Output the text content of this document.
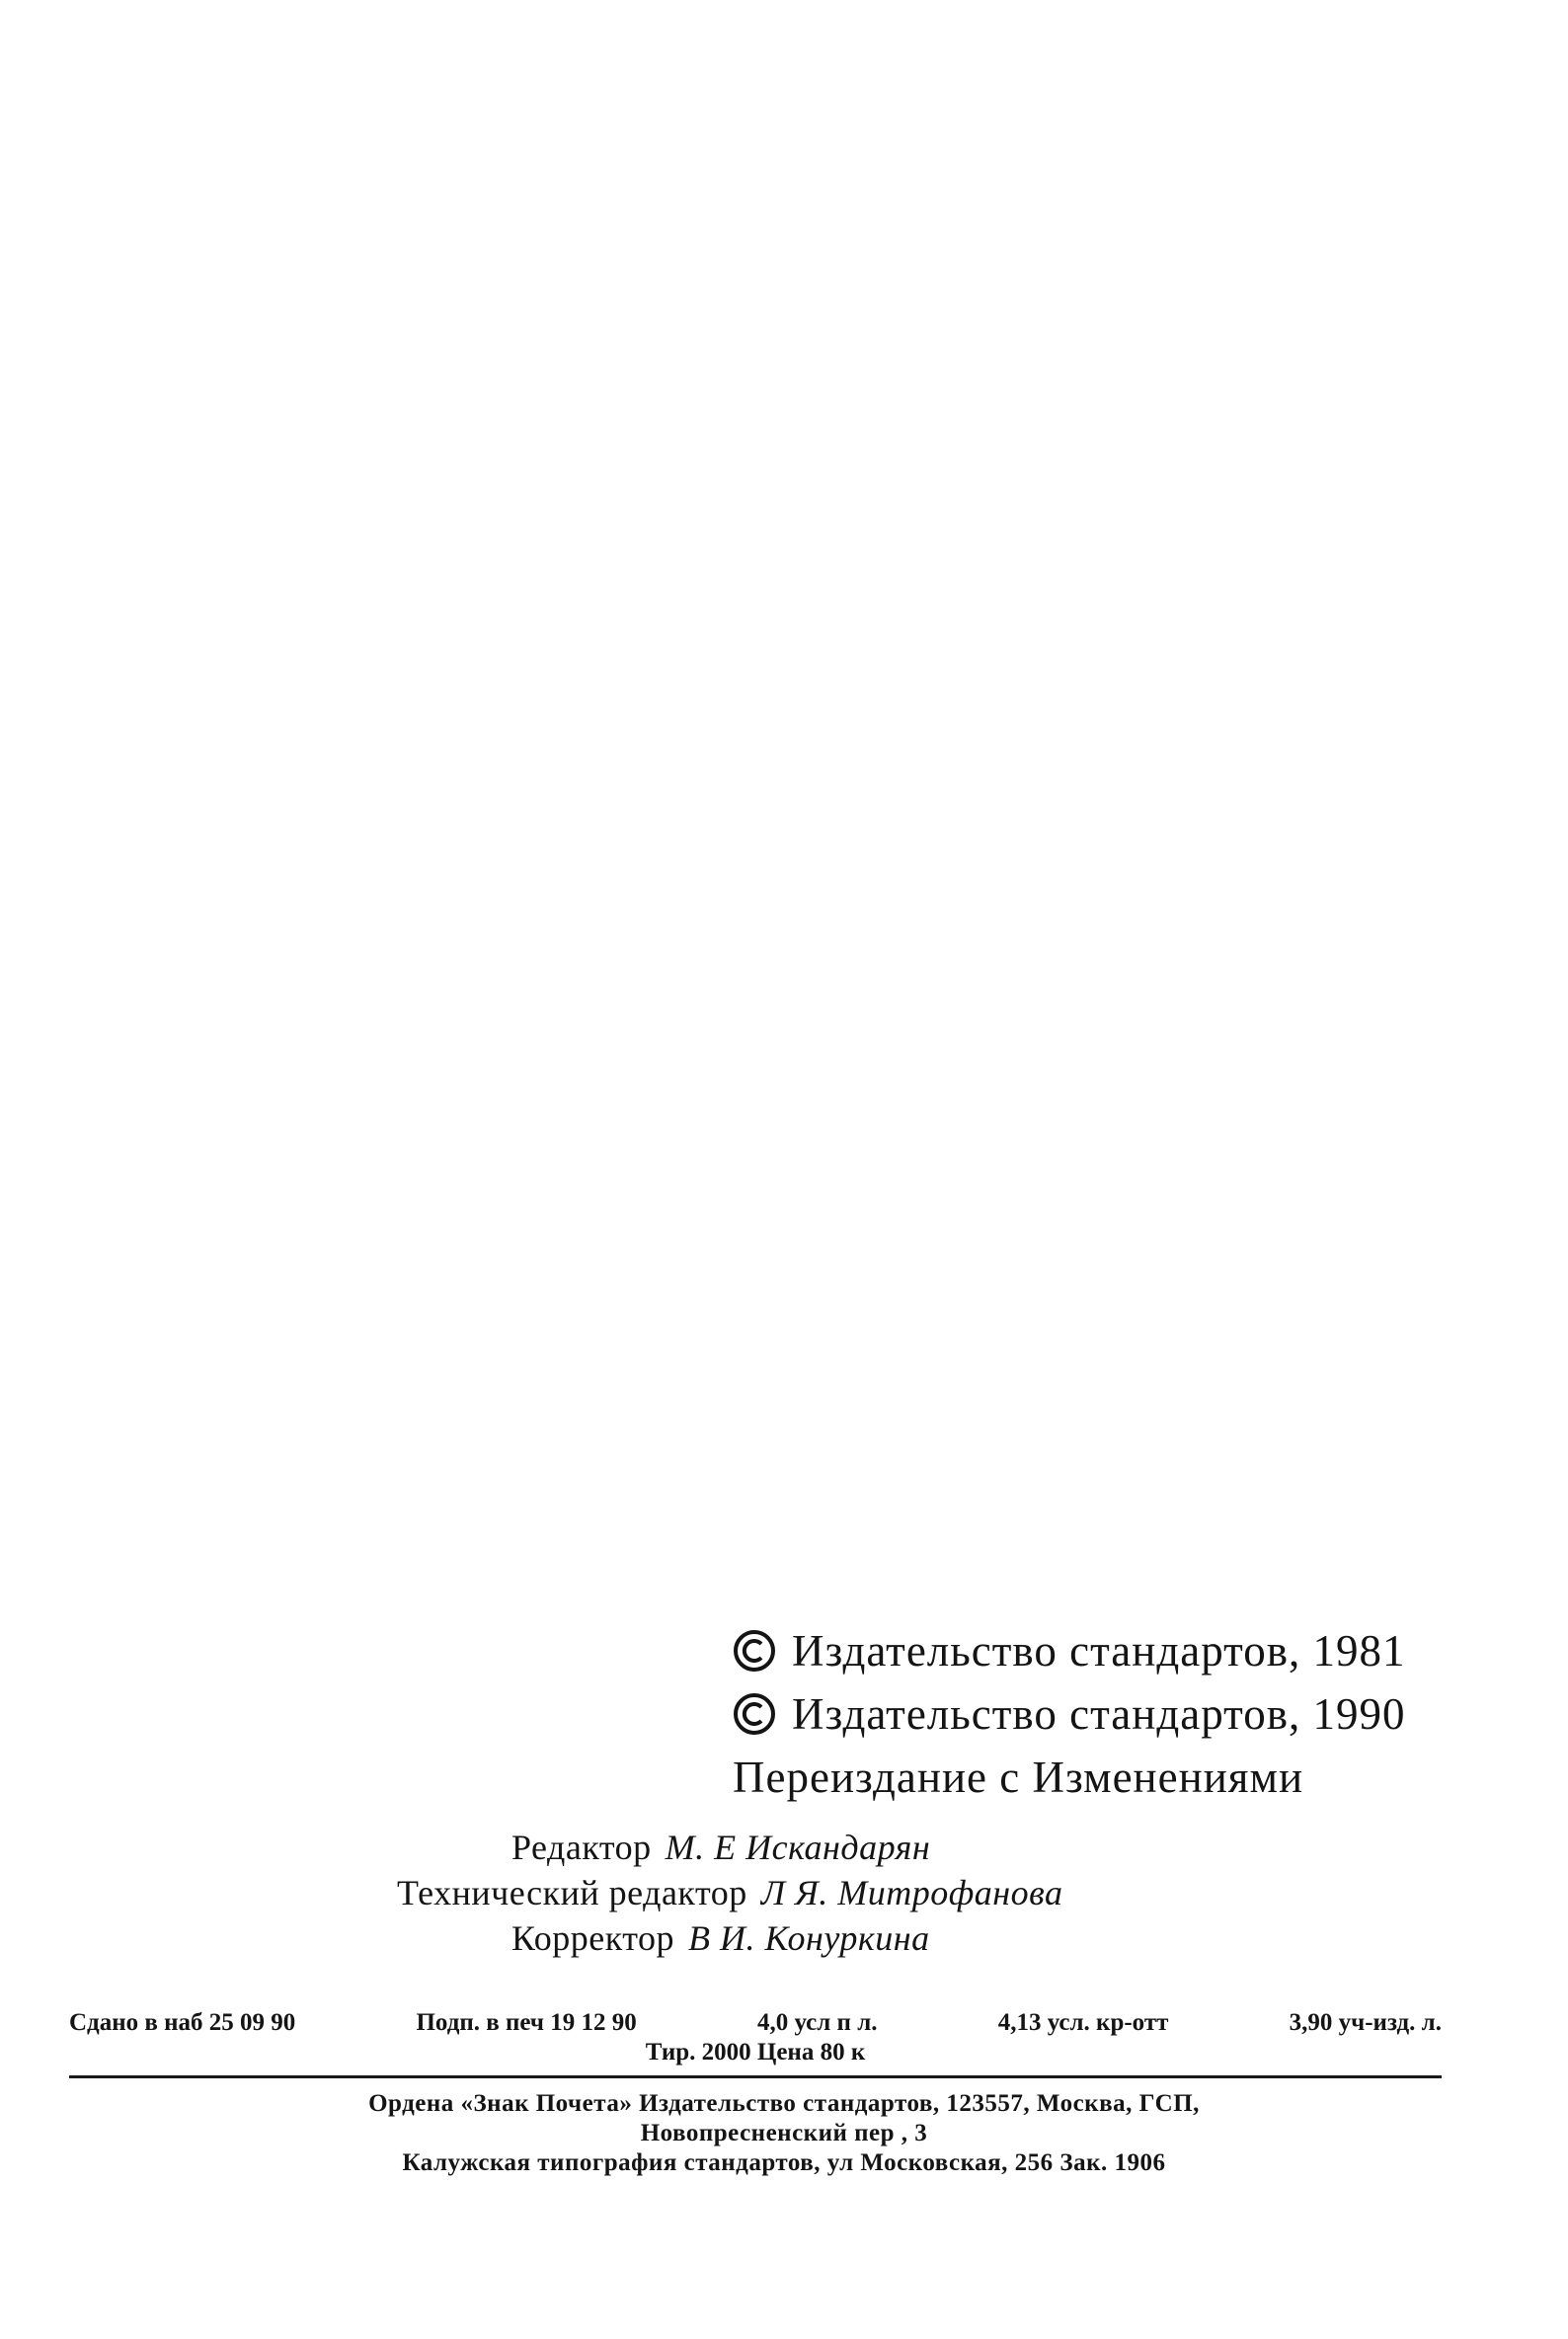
Издательство стандартов, 1981
Издательство стандартов, 1990
Переиздание с Изменениями
Редактор М. Е Искандарян
Технический редактор Л Я. Митрофанова
Корректор В И. Конуркина
Сдано в наб 25 09 90	Подп. в печ 19 12 90	4,0 усл п л.	4,13 усл. кр-отт	3,90 уч-изд. л.
Тир. 2000 Цена 80 к
Ордена «Знак Почета» Издательство стандартов, 123557, Москва, ГСП,
Новопресненский пер , 3
Калужская типография стандартов, ул Московская, 256 Зак. 1906
